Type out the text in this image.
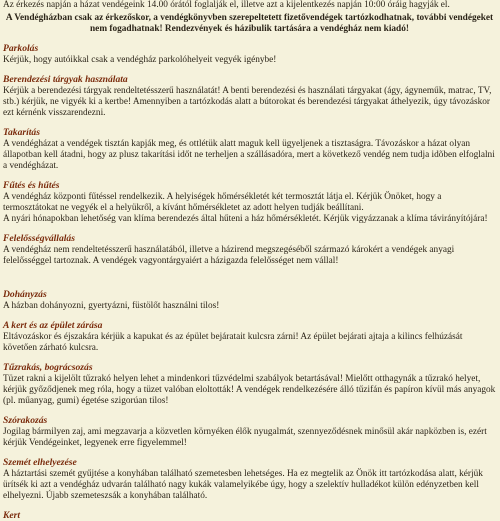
Az érkezés napján a házat vendégeink 14.00 órától foglalják el, illetve azt a kijelentkezés napján 10:00 óráig hagyják el.

A Vendégházban csak az érkezőskor, a vendégkönyvben szerepeltetett fizetővendégek tartózkodhatnak, további vendégeket nem fogadhatnak! Rendezvények és házibulik tartására a vendégház nem kiadó!

Parkolás

Kérjük, hogy autóikkal csak a vendégház parkolóhelyeit vegyék igénybe!

Berendezési tárgyak használata

Kérjük a berendezési tárgyak rendeltetésszerű használatát! A benti berendezési és használati tárgyakat (ágy, ágyneműk, matrac, TV, stb.) kérjük, ne vigyék ki a kertbe! Amennyiben a tartózkodás alatt a bútorokat és berendezési tárgyakat áthelyezik, úgy távozáskor ezt kérnénk visszarendezni.

Takarítás

A vendégházat a vendégek tisztán kapják meg, és ottlétük alatt maguk kell ügyeljenek a tisztaságra. Távozáskor a házat olyan állapotban kell átadni, hogy az plusz takarítási időt ne terheljen a szállásadóra, mert a következő vendég nem tudja idõben elfoglalni a vendégházat.

Fűtés és hűtés

A vendégház központi fűtéssel rendelkezik. A helyiségek hőmérsékletét két termosztát látja el. Kérjük Önöket, hogy a termosztátokat ne vegyék el a helyükről, a kívánt hőmérsékletet az adott helyen tudják beállítani.

A nyári hónapokban lehetőség van klíma berendezés által hűteni a ház hőmérsékletét. Kérjük vigyázzanak a klíma távirányítójára!

Felelősségvállalás

A vendégház nem rendeltetésszerű használatából, illetve a házirend megszegéséből származó károkért a vendégek anyagi felelősséggel tartoznak. A vendégek vagyontárgyaiért a házigazda felelősséget nem vállal!

Dohányzás

A házban dohányozni, gyertyázni, füstölőt használni tilos!

A kert és az épület zárása

Eltávozáskor és éjszakára kérjük a kapukat és az épület bejáratait kulcsra zárni! Az épület bejárati ajtaja a kilincs felhúzását követően zárható kulcsra.

Tűzrakás, bográcsozás

Tüzet rakni a kijelölt tűzrakó helyen lehet a mindenkori tűzvédelmi szabályok betartásával! Mielőtt otthagynák a tűzrakó helyet, kérjük győződjenek meg róla, hogy a tüzet valóban eloltották! A vendégek rendelkezésére álló tűzifán és papíron kívül más anyagok (pl. műanyag, gumi) égetése szigorúan tilos!

Szórakozás

Jogilag bármilyen zaj, ami megzavarja a közvetlen környéken élők nyugalmát, szennyeződésnek minősül akár napközben is, ezért kérjük Vendégeinket, legyenek erre figyelemmel!

Szemét elhelyezése

A háztartási szemét gyűjtése a konyhában található szemetesben lehetséges. Ha ez megtelik az Önök itt tartózkodása alatt, kérjük ürítsék ki azt a vendégház udvarán található nagy kukák valamelyikébe úgy, hogy a szelektív hulladékot külön edényzetben kell elhelyezni. Újabb szemeteszsák a konyhában található.

Kert
